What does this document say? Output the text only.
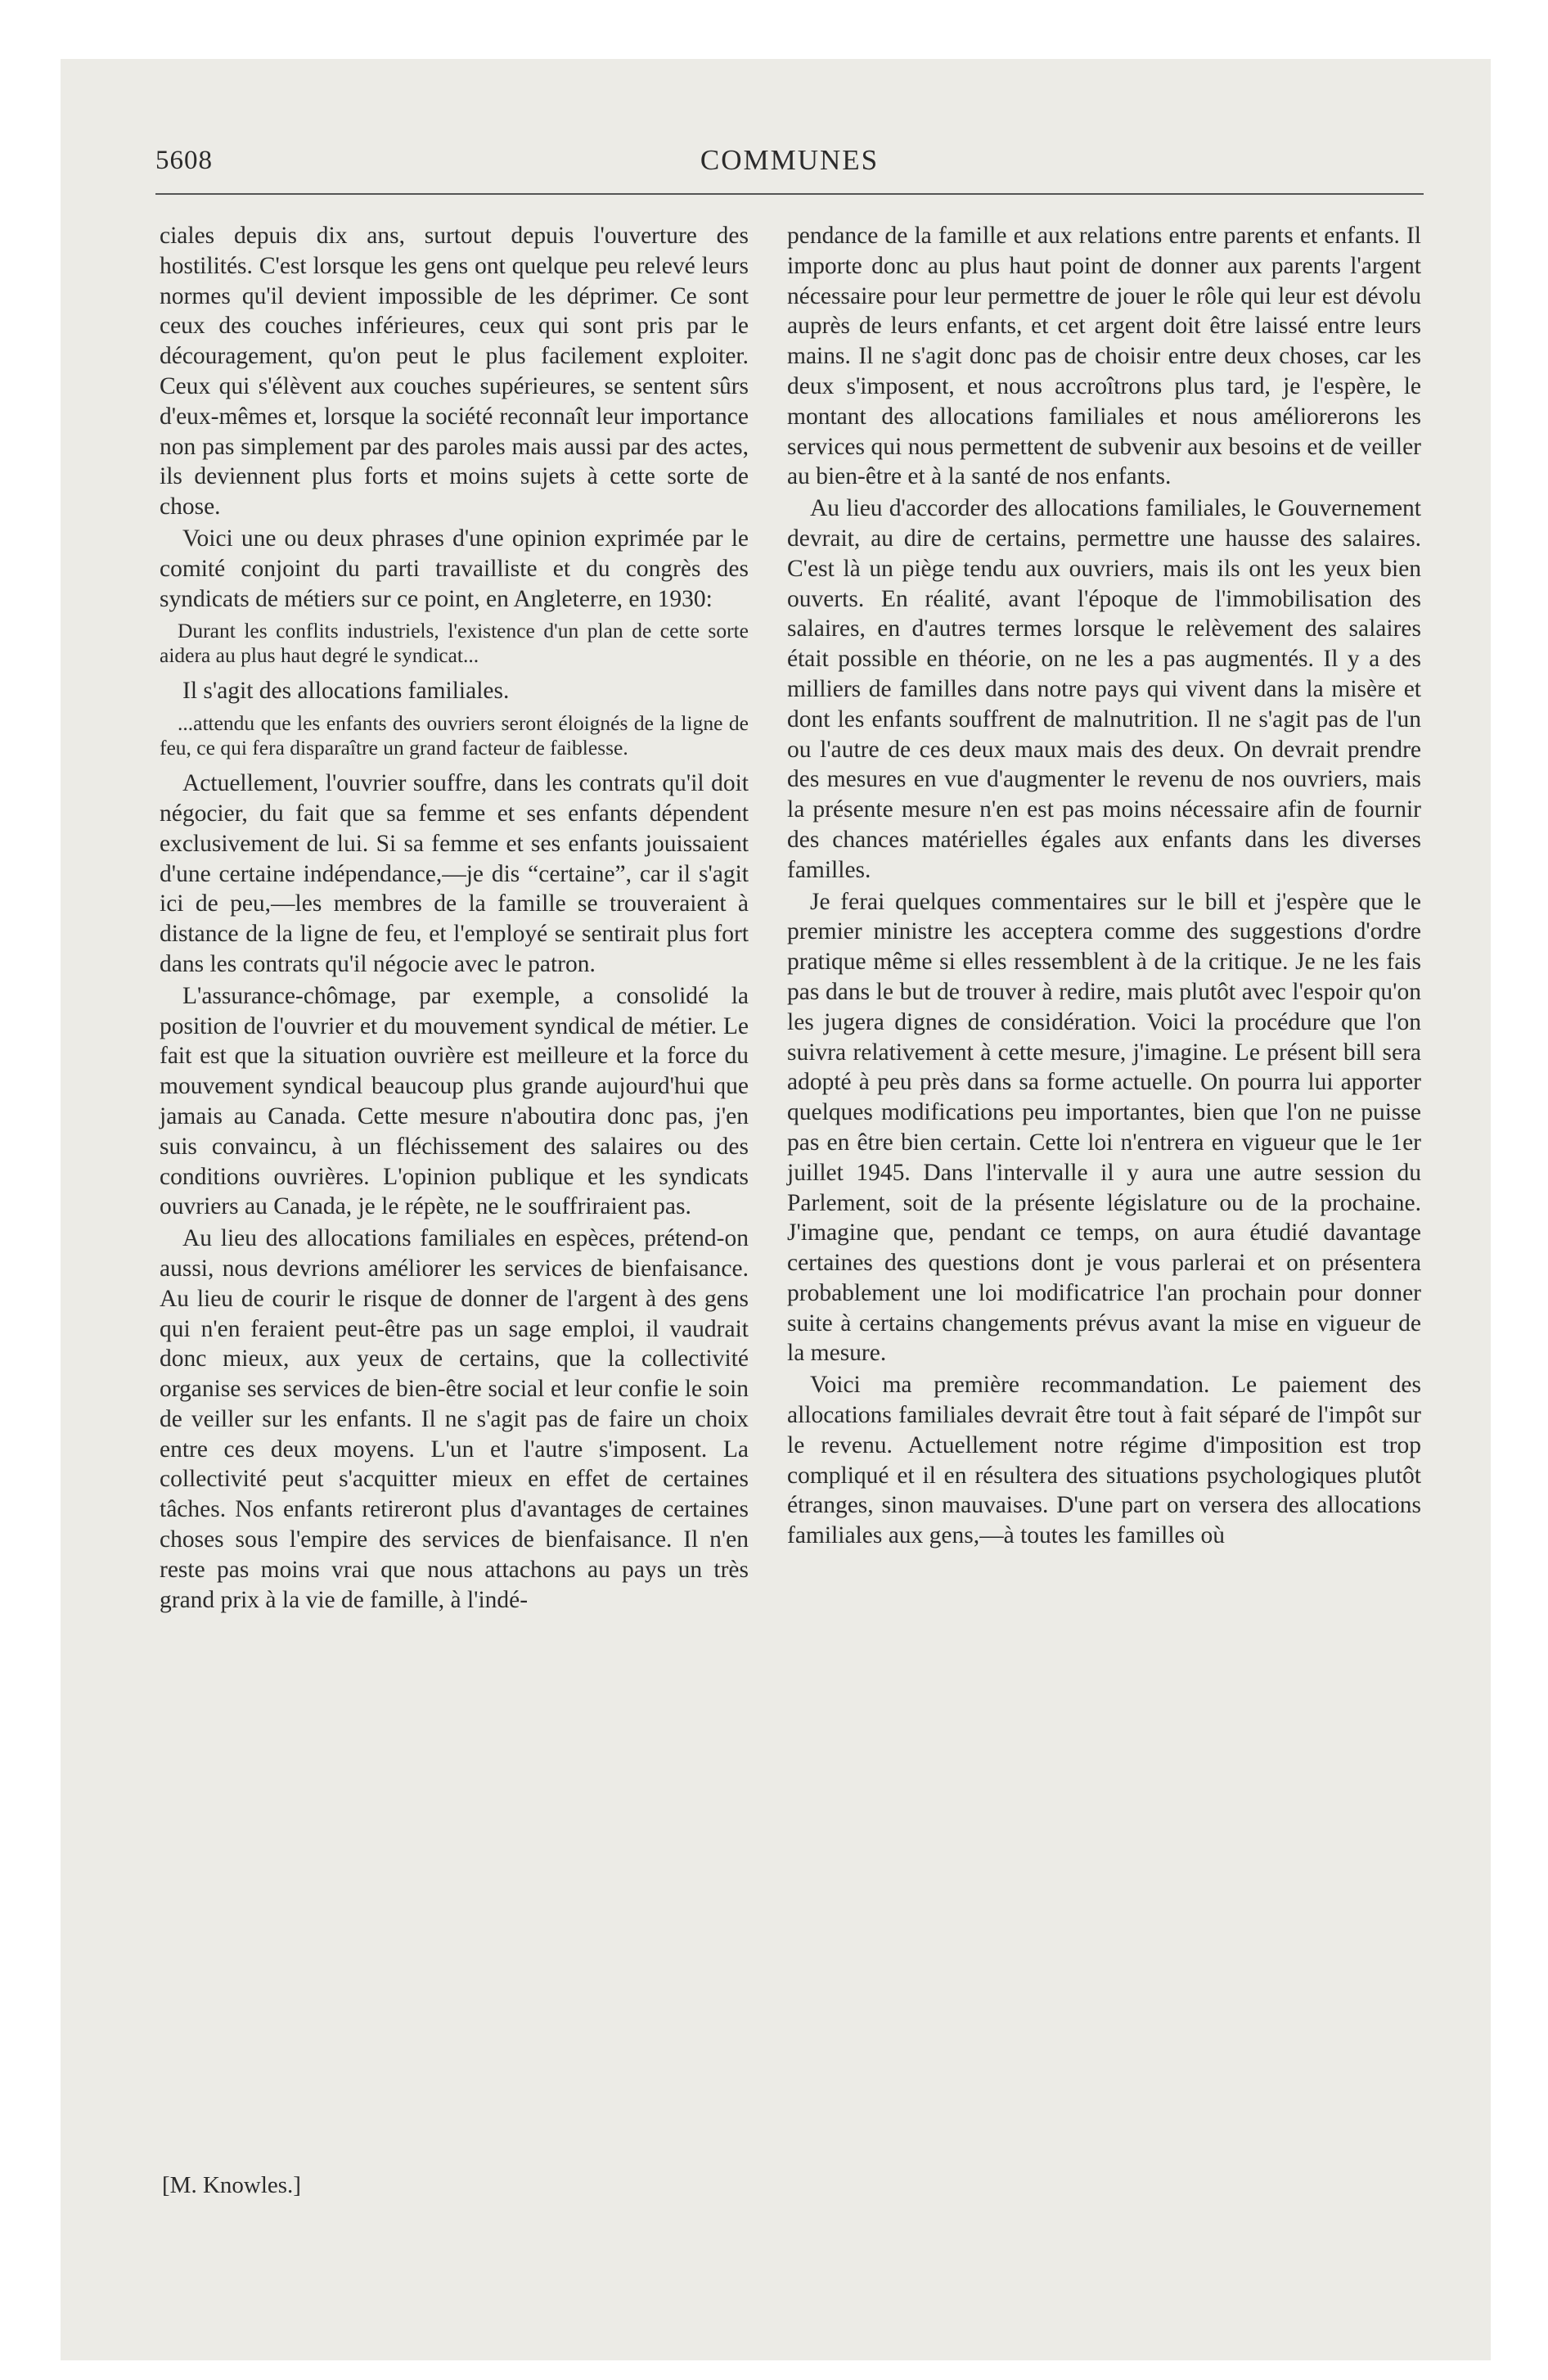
5608	COMMUNES

ciales depuis dix ans, surtout depuis l'ouverture des hostilités. C'est lorsque les gens ont quelque peu relevé leurs normes qu'il devient impossible de les déprimer. Ce sont ceux des couches inférieures, ceux qui sont pris par le découragement, qu'on peut le plus facilement exploiter. Ceux qui s'élèvent aux couches supérieures, se sentent sûrs d'eux-mêmes et, lorsque la société reconnaît leur importance non pas simplement par des paroles mais aussi par des actes, ils deviennent plus forts et moins sujets à cette sorte de chose.

Voici une ou deux phrases d'une opinion exprimée par le comité conjoint du parti travailliste et du congrès des syndicats de métiers sur ce point, en Angleterre, en 1930:

Durant les conflits industriels, l'existence d'un plan de cette sorte aidera au plus haut degré le syndicat...

Il s'agit des allocations familiales.

...attendu que les enfants des ouvriers seront éloignés de la ligne de feu, ce qui fera disparaître un grand facteur de faiblesse.

Actuellement, l'ouvrier souffre, dans les contrats qu'il doit négocier, du fait que sa femme et ses enfants dépendent exclusivement de lui. Si sa femme et ses enfants jouissaient d'une certaine indépendance,—je dis “certaine”, car il s'agit ici de peu,—les membres de la famille se trouveraient à distance de la ligne de feu, et l'employé se sentirait plus fort dans les contrats qu'il négocie avec le patron.

L'assurance-chômage, par exemple, a consolidé la position de l'ouvrier et du mouvement syndical de métier. Le fait est que la situation ouvrière est meilleure et la force du mouvement syndical beaucoup plus grande aujourd'hui que jamais au Canada. Cette mesure n'aboutira donc pas, j'en suis convaincu, à un fléchissement des salaires ou des conditions ouvrières. L'opinion publique et les syndicats ouvriers au Canada, je le répète, ne le souffriraient pas.

Au lieu des allocations familiales en espèces, prétend-on aussi, nous devrions améliorer les services de bienfaisance. Au lieu de courir le risque de donner de l'argent à des gens qui n'en feraient peut-être pas un sage emploi, il vaudrait donc mieux, aux yeux de certains, que la collectivité organise ses services de bien-être social et leur confie le soin de veiller sur les enfants. Il ne s'agit pas de faire un choix entre ces deux moyens. L'un et l'autre s'imposent. La collectivité peut s'acquitter mieux en effet de certaines tâches. Nos enfants retireront plus d'avantages de certaines choses sous l'empire des services de bienfaisance. Il n'en reste pas moins vrai que nous attachons au pays un très grand prix à la vie de famille, à l'indé-

[M. Knowles.]

pendance de la famille et aux relations entre parents et enfants. Il importe donc au plus haut point de donner aux parents l'argent nécessaire pour leur permettre de jouer le rôle qui leur est dévolu auprès de leurs enfants, et cet argent doit être laissé entre leurs mains. Il ne s'agit donc pas de choisir entre deux choses, car les deux s'imposent, et nous accroîtrons plus tard, je l'espère, le montant des allocations familiales et nous améliorerons les services qui nous permettent de subvenir aux besoins et de veiller au bien-être et à la santé de nos enfants.

Au lieu d'accorder des allocations familiales, le Gouvernement devrait, au dire de certains, permettre une hausse des salaires. C'est là un piège tendu aux ouvriers, mais ils ont les yeux bien ouverts. En réalité, avant l'époque de l'immobilisation des salaires, en d'autres termes lorsque le relèvement des salaires était possible en théorie, on ne les a pas augmentés. Il y a des milliers de familles dans notre pays qui vivent dans la misère et dont les enfants souffrent de malnutrition. Il ne s'agit pas de l'un ou l'autre de ces deux maux mais des deux. On devrait prendre des mesures en vue d'augmenter le revenu de nos ouvriers, mais la présente mesure n'en est pas moins nécessaire afin de fournir des chances matérielles égales aux enfants dans les diverses familles.

Je ferai quelques commentaires sur le bill et j'espère que le premier ministre les acceptera comme des suggestions d'ordre pratique même si elles ressemblent à de la critique. Je ne les fais pas dans le but de trouver à redire, mais plutôt avec l'espoir qu'on les jugera dignes de considération. Voici la procédure que l'on suivra relativement à cette mesure, j'imagine. Le présent bill sera adopté à peu près dans sa forme actuelle. On pourra lui apporter quelques modifications peu importantes, bien que l'on ne puisse pas en être bien certain. Cette loi n'entrera en vigueur que le 1er juillet 1945. Dans l'intervalle il y aura une autre session du Parlement, soit de la présente législature ou de la prochaine. J'imagine que, pendant ce temps, on aura étudié davantage certaines des questions dont je vous parlerai et on présentera probablement une loi modificatrice l'an prochain pour donner suite à certains changements prévus avant la mise en vigueur de la mesure.

Voici ma première recommandation. Le paiement des allocations familiales devrait être tout à fait séparé de l'impôt sur le revenu. Actuellement notre régime d'imposition est trop compliqué et il en résultera des situations psychologiques plutôt étranges, sinon mauvaises. D'une part on versera des allocations familiales aux gens,—à toutes les familles où
